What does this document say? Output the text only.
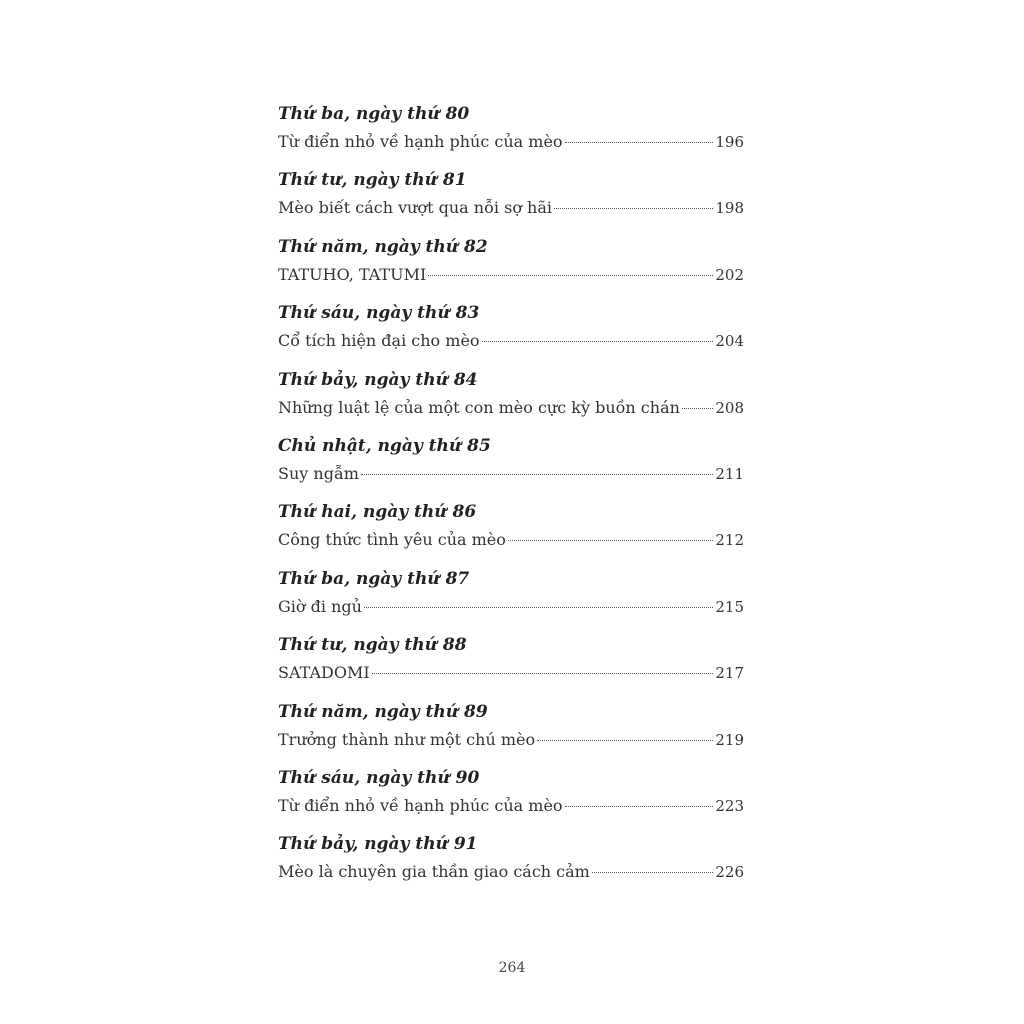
Thứ ba, ngày thứ 80
Từ điển nhỏ về hạnh phúc của mèo	196
Thứ tư, ngày thứ 81
Mèo biết cách vượt qua nỗi sợ hãi	198
Thứ năm, ngày thứ 82
TATUHO, TATUMI	202
Thứ sáu, ngày thứ 83
Cổ tích hiện đại cho mèo	204
Thứ bảy, ngày thứ 84
Những luật lệ của một con mèo cực kỳ buồn chán 208
Chủ nhật, ngày thứ 85
Suy ngẫm	211
Thứ hai, ngày thứ 86
Công thức tình yêu của mèo	212
Thứ ba, ngày thứ 87
Giờ đi ngủ	215
Thứ tư, ngày thứ 88
SATADOMI	217
Thứ năm, ngày thứ 89
Trưởng thành như một chú mèo	219
Thứ sáu, ngày thứ 90
Từ điển nhỏ về hạnh phúc của mèo	223
Thứ bảy, ngày thứ 91
Mèo là chuyên gia thần giao cách cảm	226
264
